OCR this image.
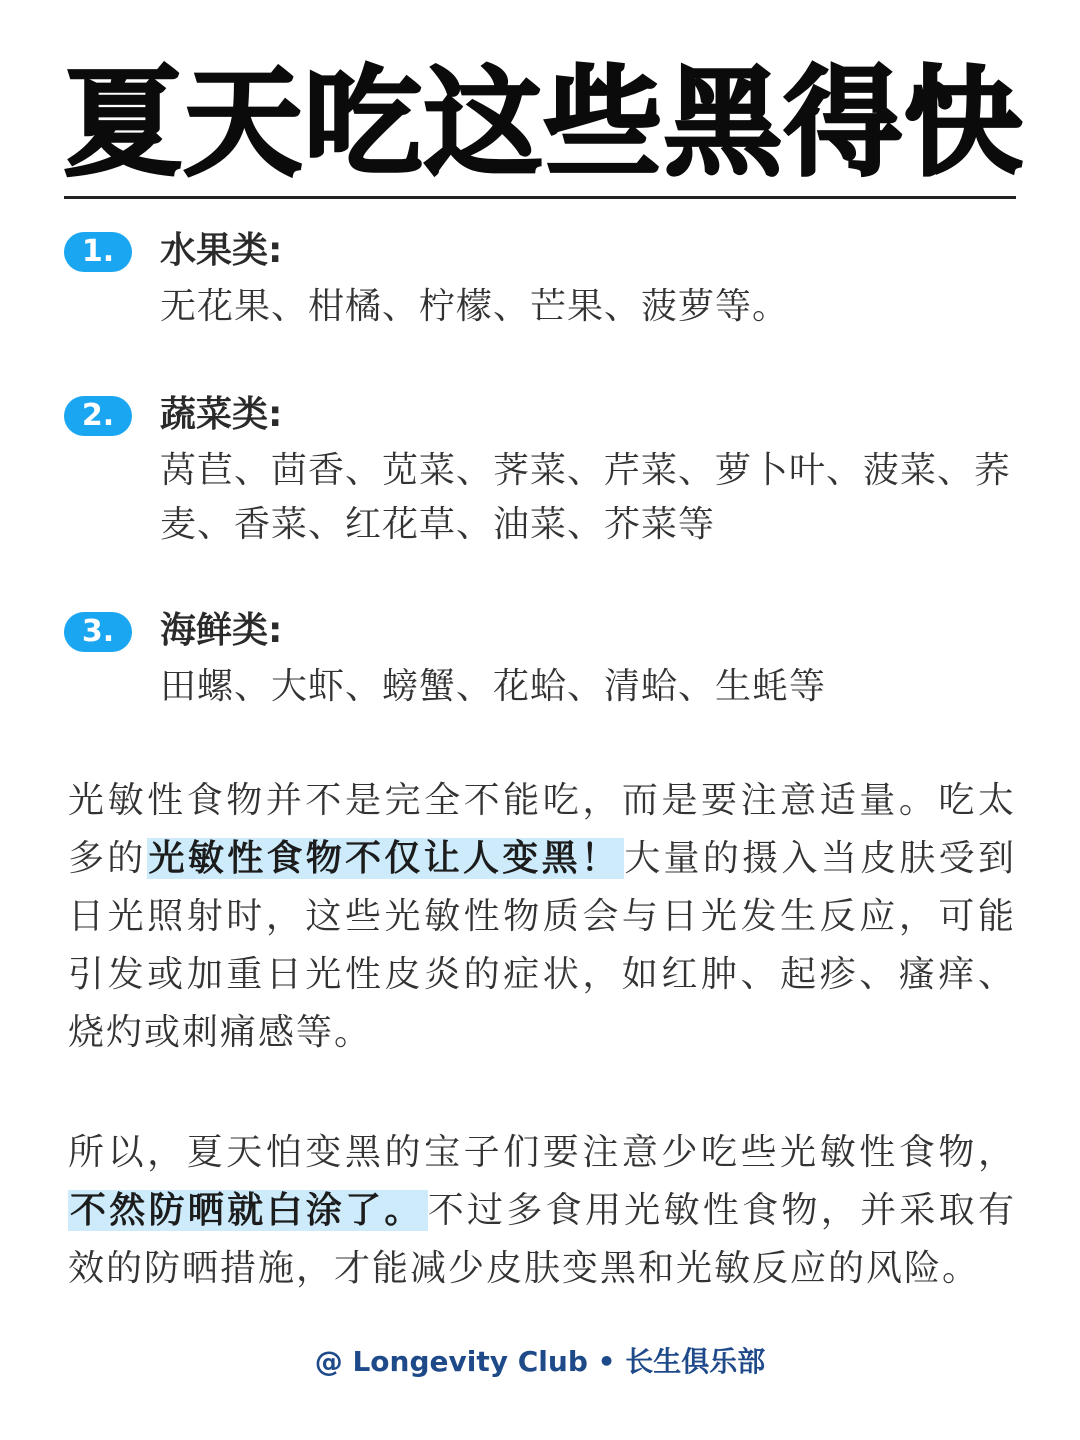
夏天吃这些黑得快
1.	水果类:

无花果、柑橘、柠檬、芒果、菠萝等。

2.	蔬菜类:

莴苣、茴香、苋菜、荠菜、芹菜、萝卜叶、菠菜、荞麦、香菜、红花草、油菜、芥菜等

3.	海鲜类:

田螺、大虾、螃蟹、花蛤、清蛤、生蚝等

光敏性食物并不是完全不能吃，而是要注意适量。吃太多的光敏性食物不仅让人变黑！ 大量的摄入当皮肤受到日光照射时，这些光敏性物质会与日光发生反应，可能引发或加重日光性皮炎的症状，如红肿、起疹、瘙痒、烧灼或刺痛感等。

所以，夏天怕变黑的宝子们要注意少吃些光敏性食物，不然防晒就白涂了。 不过多食用光敏性食物，并采取有效的防晒措施，才能减少皮肤变黑和光敏反应的风险。

@ Longevity Club • 长生俱乐部
